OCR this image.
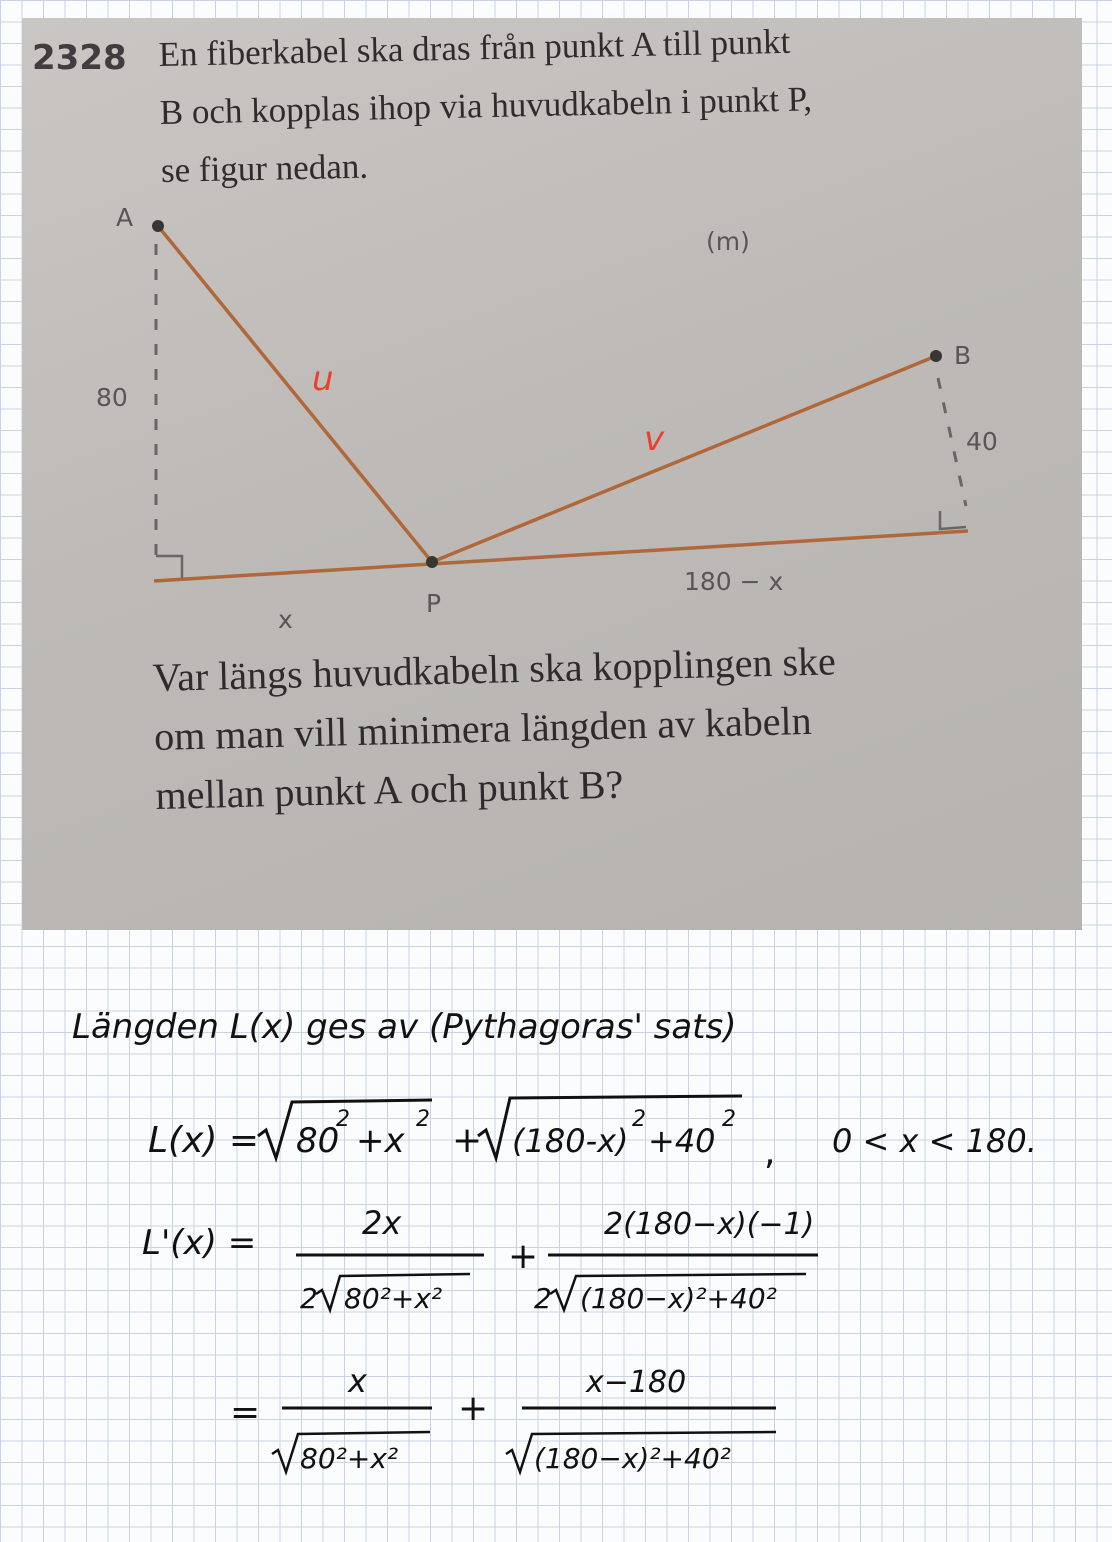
2328 En fiberkabel ska dras från punkt A till punkt

B och kopplas ihop via huvudkabeln i punkt P,

se figur nedan.

A
B
P
80
40
x
180 − x
(m)
u
v

Var längs huvudkabeln ska kopplingen ske

om man vill minimera längden av kabeln

mellan punkt A och punkt B?

Längden L(x) ges av (Pythagoras' sats)
L(x) = 80
2
+x
2
+ (180-x)
2
+40
2
, 0 < x < 180.
L'(x) =	2x
2 80²+x²
+
2(180−x)(−1)
2 (180−x)²+40²
=
x
80²+x²
+
x−180
(180−x)²+40²
